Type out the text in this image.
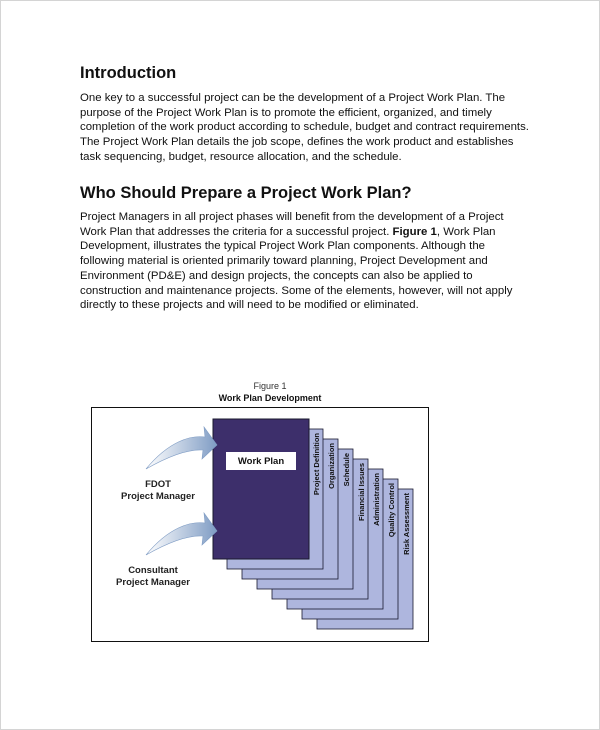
Introduction

One key to a successful project can be the development of a Project Work Plan. The purpose of the Project Work Plan is to promote the efficient, organized, and timely completion of the work product according to schedule, budget and contract requirements. The Project Work Plan details the job scope, defines the work product and establishes task sequencing, budget, resource allocation, and the schedule.

Who Should Prepare a Project Work Plan?

Project Managers in all project phases will benefit from the development of a Project Work Plan that addresses the criteria for a successful project. Figure 1, Work Plan Development, illustrates the typical Project Work Plan components. Although the following material is oriented primarily toward planning, Project Development and Environment (PD&E) and design projects, the concepts can also be applied to construction and maintenance projects. Some of the elements, however, will not apply directly to these projects and will need to be modified or eliminated.

Figure 1

Work Plan Development

Risk Assessment
Quality Control
Administration
Financial Issues
Schedule
Organization
Project Definition
Work Plan
FDOT
Project Manager
Consultant
Project Manager
